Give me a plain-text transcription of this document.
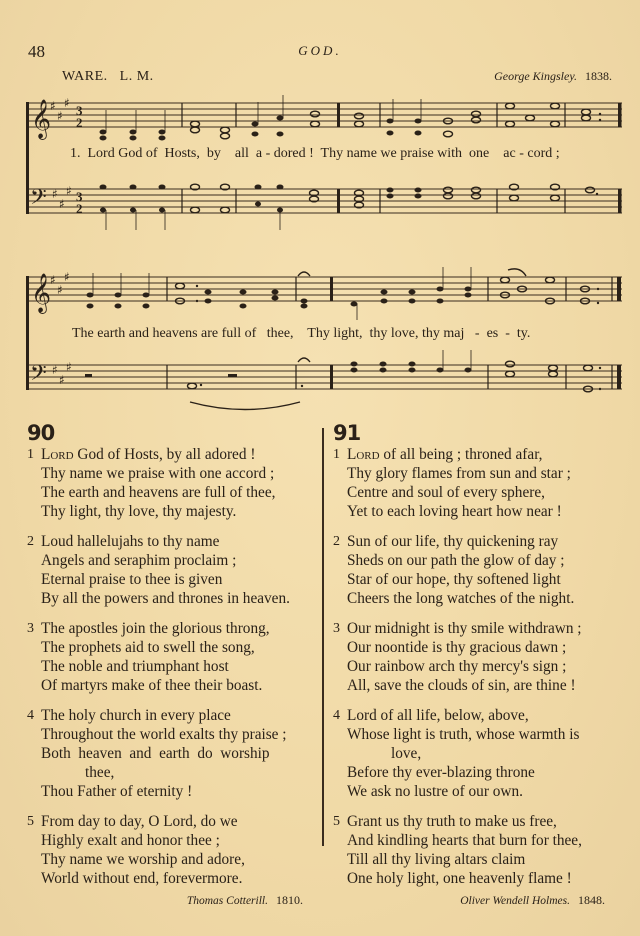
48	GOD.
WARE.   L. M.	George Kingsley. 1838.
𝄞
𝄢
♯
♯
♯
♯
♯
♯
3
2
3
2
1.  Lord God of  Hosts,  by    all  a - dored !  Thy name we praise with  one    ac - cord ;
𝄞
𝄢
♯
♯
♯
♯
♯
♯
The earth and heavens are full of   thee,    Thy light,  thy love, thy maj   -  es  -  ty.
90
1 Lord God of Hosts, by all adored !
Thy name we praise with one accord ;
The earth and heavens are full of thee,
Thy light, thy love, thy majesty.
2 Loud hallelujahs to thy name
Angels and seraphim proclaim ;
Eternal praise to thee is given
By all the powers and thrones in heaven.
3 The apostles join the glorious throng,
The prophets aid to swell the song,
The noble and triumphant host
Of martyrs make of thee their boast.
4 The holy church in every place
Throughout the world exalts thy praise ;
Both  heaven  and  earth  do  worship
thee,
Thou Father of eternity !
5 From day to day, O Lord, do we
Highly exalt and honor thee ;
Thy name we worship and adore,
World without end, forevermore.
Thomas Cotterill. 1810.
91
1 Lord of all being ; throned afar,
Thy glory flames from sun and star ;
Centre and soul of every sphere,
Yet to each loving heart how near !
2 Sun of our life, thy quickening ray
Sheds on our path the glow of day ;
Star of our hope, thy softened light
Cheers the long watches of the night.
3 Our midnight is thy smile withdrawn ;
Our noontide is thy gracious dawn ;
Our rainbow arch thy mercy's sign ;
All, save the clouds of sin, are thine !
4 Lord of all life, below, above,
Whose light is truth, whose warmth is
love,
Before thy ever-blazing throne
We ask no lustre of our own.
5 Grant us thy truth to make us free,
And kindling hearts that burn for thee,
Till all thy living altars claim
One holy light, one heavenly flame !
Oliver Wendell Holmes. 1848.
